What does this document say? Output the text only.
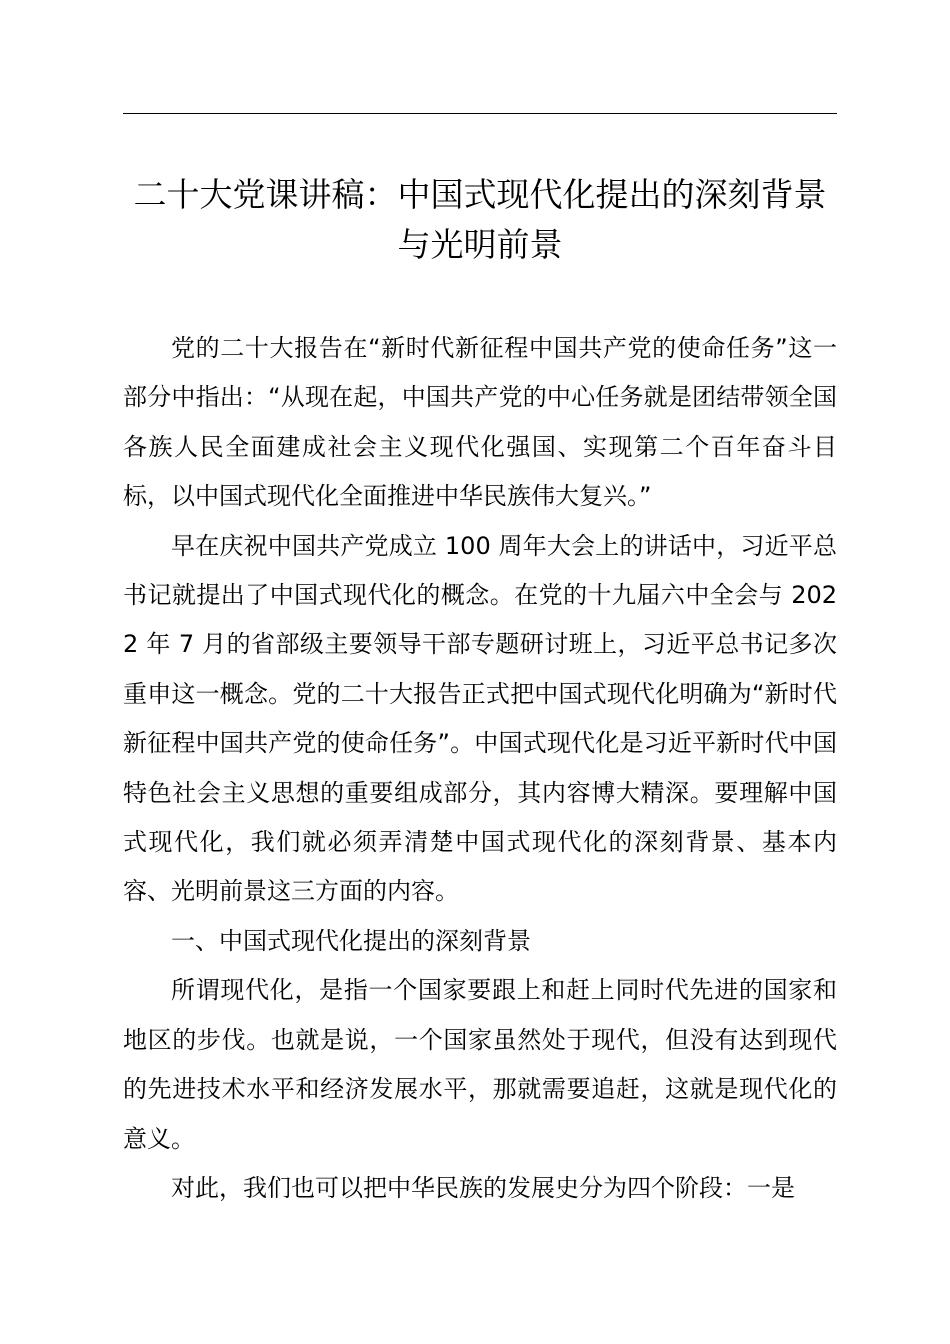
二十大党课讲稿：中国式现代化提出的深刻背景与光明前景

党的二十大报告在“新时代新征程中国共产党的使命任务”这一部分中指出：“从现在起，中国共产党的中心任务就是团结带领全国各族人民全面建成社会主义现代化强国、实现第二个百年奋斗目标，以中国式现代化全面推进中华民族伟大复兴。”

早在庆祝中国共产党成立 100 周年大会上的讲话中，习近平总书记就提出了中国式现代化的概念。在党的十九届六中全会与 2022 年 7 月的省部级主要领导干部专题研讨班上，习近平总书记多次重申这一概念。党的二十大报告正式把中国式现代化明确为“新时代新征程中国共产党的使命任务”。中国式现代化是习近平新时代中国特色社会主义思想的重要组成部分，其内容博大精深。要理解中国式现代化，我们就必须弄清楚中国式现代化的深刻背景、基本内容、光明前景这三方面的内容。

一、中国式现代化提出的深刻背景

所谓现代化，是指一个国家要跟上和赶上同时代先进的国家和地区的步伐。也就是说，一个国家虽然处于现代，但没有达到现代的先进技术水平和经济发展水平，那就需要追赶，这就是现代化的意义。

对此，我们也可以把中华民族的发展史分为四个阶段：一是
